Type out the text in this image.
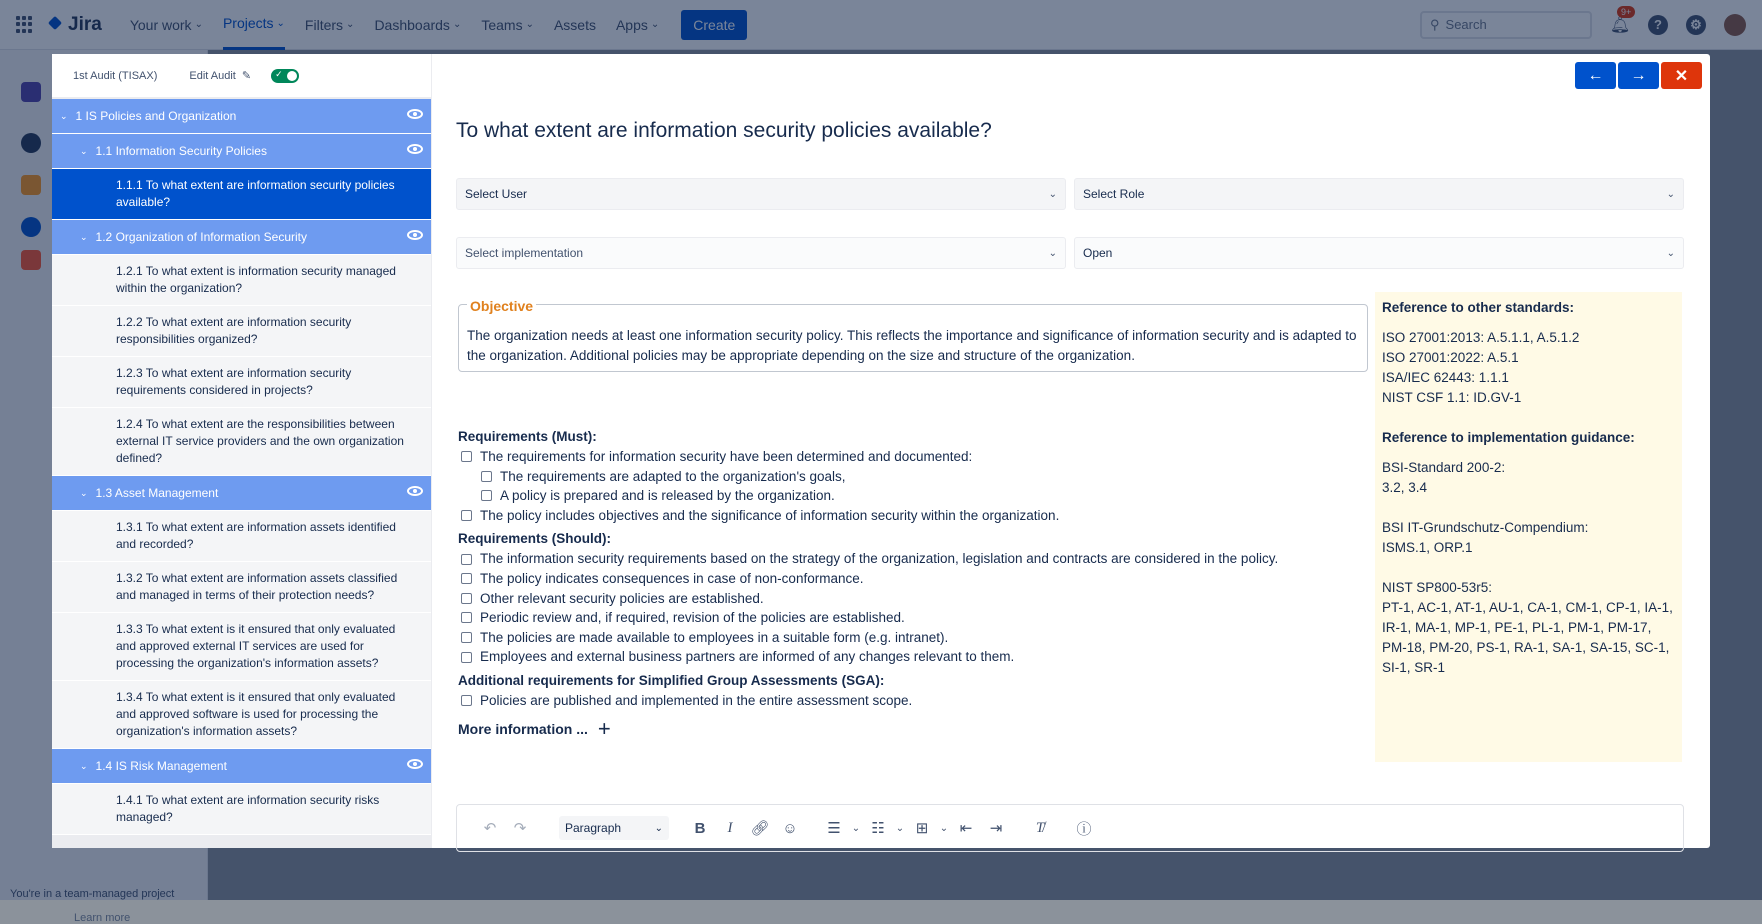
Learn more
1st Audit (TISAX)	Edit Audit ✎	✓
⌄ 1 IS Policies and Organization
⌄ 1.1 Information Security Policies
1.1.1 To what extent are information security policies available?
⌄ 1.2 Organization of Information Security
1.2.1 To what extent is information security managed within the organization?
1.2.2 To what extent are information security responsibilities organized?
1.2.3 To what extent are information security requirements considered in projects?
1.2.4 To what extent are the responsibilities between external IT service providers and the own organization defined?
⌄ 1.3 Asset Management
1.3.1 To what extent are information assets identified and recorded?
1.3.2 To what extent are information assets classified and managed in terms of their protection needs?
1.3.3 To what extent is it ensured that only evaluated and approved external IT services are used for processing the organization's information assets?
1.3.4 To what extent is it ensured that only evaluated and approved software is used for processing the organization's information assets?
⌄ 1.4 IS Risk Management
1.4.1 To what extent are information security risks managed?
← → ✕
To what extent are information security policies available?
Select User	⌄ Select Role	⌄
Select implementation	⌄ Open	⌄
Objective
The organization needs at least one information security policy. This reflects the importance and significance of information security and is adapted to the organization. Additional policies may be appropriate depending on the size and structure of the organization.
Requirements (Must):
The requirements for information security have been determined and documented:
The requirements are adapted to the organization's goals,
A policy is prepared and is released by the organization.
The policy includes objectives and the significance of information security within the organization.
Requirements (Should):
The information security requirements based on the strategy of the organization, legislation and contracts are considered in the policy.
The policy indicates consequences in case of non-conformance.
Other relevant security policies are established.
Periodic review and, if required, revision of the policies are established.
The policies are made available to employees in a suitable form (e.g. intranet).
Employees and external business partners are informed of any changes relevant to them.
Additional requirements for Simplified Group Assessments (SGA):
Policies are published and implemented in the entire assessment scope.
More information ... +
Reference to other standards:
ISO 27001:2013: A.5.1.1, A.5.1.2
ISO 27001:2022: A.5.1
ISA/IEC 62443: 1.1.1
NIST CSF 1.1: ID.GV-1
Reference to implementation guidance:
BSI-Standard 200-2:
3.2, 3.4
BSI IT-Grundschutz-Compendium:
ISMS.1, ORP.1
NIST SP800-53r5:
PT-1, AC-1, AT-1, AU-1, CA-1, CM-1, CP-1, IA-1, IR-1, MA-1, MP-1, PE-1, PL-1, PM-1, PM-17, PM-18, PM-20, PS-1, RA-1, SA-1, SA-15, SC-1, SI-1, SR-1
↶	↷	Paragraph	⌄	B	I	🔗︎ ☺	☰	⌄ ☷	⌄ ⊞	⌄ ⇤	⇥	T̸	ⓘ
